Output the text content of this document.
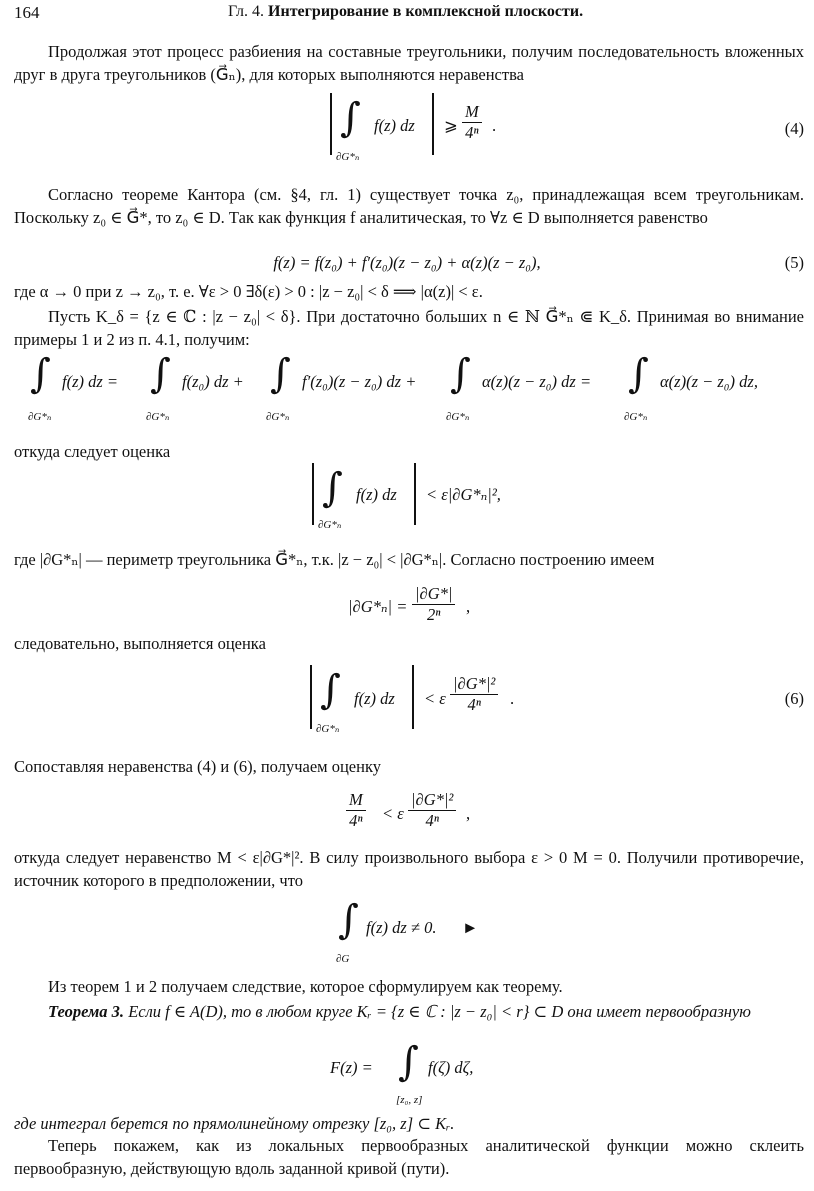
164	Гл. 4. Интегрирование в комплексной плоскости.
Продолжая этот процесс разбиения на составные треугольники, получим последовательность вложенных друг в друга треугольников (G⃗ₙ), для которых выполняются неравенства
∫ f(z) dz
∂G*ₙ
⩾ $\frac{M}{\text{4ⁿ}}$ .	(4)
Согласно теореме Кантора (см. §4, гл. 1) существует точка z₀, принадлежащая всем треугольникам. Поскольку z₀ ∈ G⃗*, то z₀ ∈ D. Так как функция f аналитическая, то ∀z ∈ D выполняется равенство
f(z) = f(z₀) + f′(z₀)(z − z₀) + α(z)(z − z₀),	(5)
где α → 0 при z → z₀, т. е. ∀ε > 0 ∃δ(ε) > 0 : |z − z₀| < δ ⟹ |α(z)| < ε.
Пусть K_δ = {z ∈ ℂ : |z − z₀| < δ}. При достаточно больших n ∈ ℕ G⃗*ₙ ⋐ K_δ. Принимая во внимание примеры 1 и 2 из п. 4.1, получим:
∫ f(z) dz =
∂G*ₙ
∫ f(z₀) dz +
∂G*ₙ
∫ f′(z₀)(z − z₀) dz +
∂G*ₙ
∫ α(z)(z − z₀) dz =
∂G*ₙ
∫ α(z)(z − z₀) dz,
∂G*ₙ
откуда следует оценка
∫ f(z) dz
∂G*ₙ
< ε|∂G*ₙ|²,
где |∂G*ₙ| — периметр треугольника G⃗*ₙ, т.к. |z − z₀| < |∂G*ₙ|. Согласно построению имеем
$|\partial G*_n| = \frac{|\partial G*|}{\text{2ⁿ}}$ ,
следовательно, выполняется оценка
∫ f(z) dz
∂G*ₙ
< ε $\frac{\text{|∂G*|²}}{\text{4ⁿ}}$ .	(6)
Сопоставляя неравенства (4) и (6), получаем оценку
$\frac{M}{\text{4ⁿ}} < \varepsilon \frac{\text{|∂G*|²}}{\text{4ⁿ}}$ ,
откуда следует неравенство M < ε|∂G*|². В силу произвольного выбора ε > 0 M = 0. Получили противоречие, источник которого в предположении, что
∫ f(z) dz ≠ 0. ►
∂G
Из теорем 1 и 2 получаем следствие, которое сформулируем как теорему.
Теорема 3. Если f ∈ A(D), то в любом круге Kᵣ = {z ∈ ℂ : |z − z₀| < r} ⊂ D она имеет первообразную
F(z) = ∫ f(ζ) dζ,
[z₀, z]
где интеграл берется по прямолинейному отрезку [z₀, z] ⊂ Kᵣ.
Теперь покажем, как из локальных первообразных аналитической функции можно склеить первообразную, действующую вдоль заданной кривой (пути).
